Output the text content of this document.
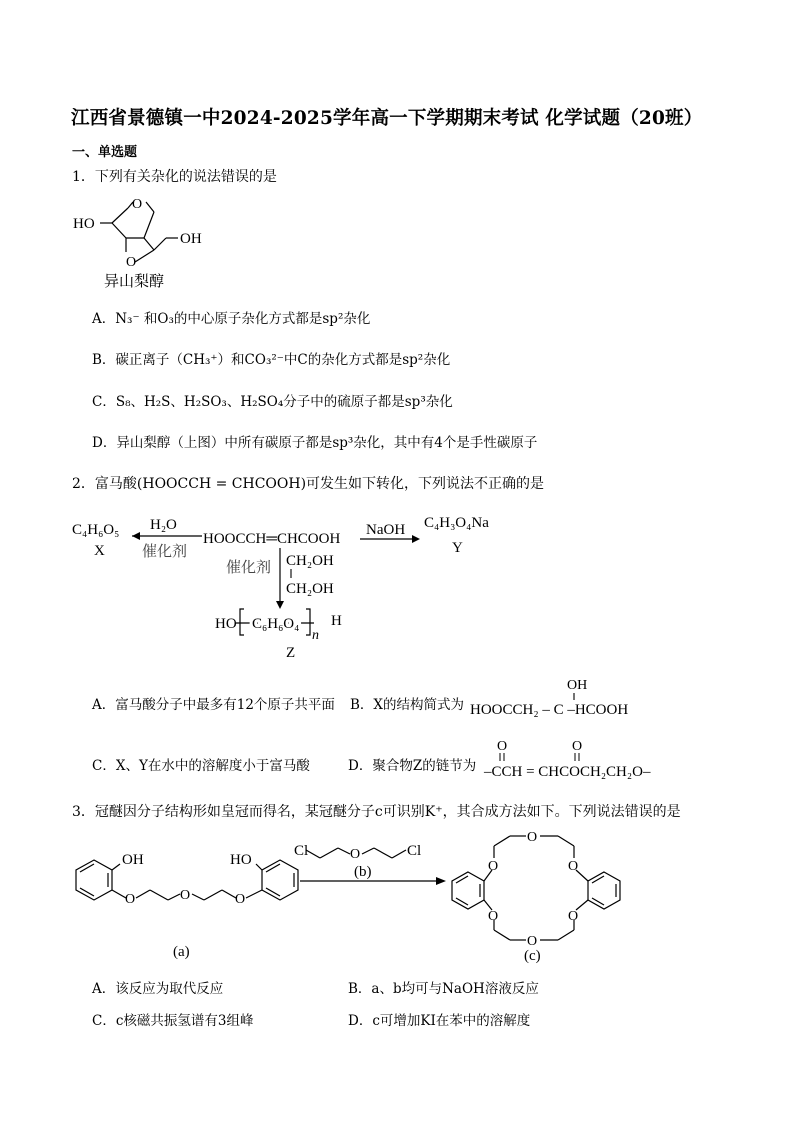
江西省景德镇一中2024-2025学年高一下学期期末考试 化学试题（20班）
一、单选题
1．下列有关杂化的说法错误的是
O
O
HO
OH
异山梨醇
A．N₃⁻ 和O₃的中心原子杂化方式都是sp²杂化
B．碳正离子（CH₃⁺）和CO₃²⁻中C的杂化方式都是sp²杂化
C．S₈、H₂S、H₂SO₃、H₂SO₄分子中的硫原子都是sp³杂化
D．异山梨醇（上图）中所有碳原子都是sp³杂化，其中有4个是手性碳原子
2．富马酸(HOOCCH = CHCOOH)可发生如下转化，下列说法不正确的是
C₄H₆O₅
X
H₂O
催化剂
HOOCCH═CHCOOH
NaOH C₄H₃O₄Na
Y
催化剂 CH₂OH
CH₂OH
HO C₆H₆O₄
n
H
Z
A．富马酸分子中最多有12个原子共平面 B．X的结构简式为
OH
HOOCCH₂ – C –HCOOH
C．X、Y在水中的溶解度小于富马酸	D．聚合物Z的链节为
O	O
–CCH = CHCOCH₂CH₂O–
3．冠醚因分子结构形如皇冠而得名，某冠醚分子c可识别K⁺，其合成方法如下。下列说法错误的是
OH
O	O	O
HO
(a)
Cl	O	Cl
(b)	O
O
O
O
O
O
(c)
A．该反应为取代反应	B．a、b均可与NaOH溶液反应
C．c核磁共振氢谱有3组峰	D．c可增加KI在苯中的溶解度
